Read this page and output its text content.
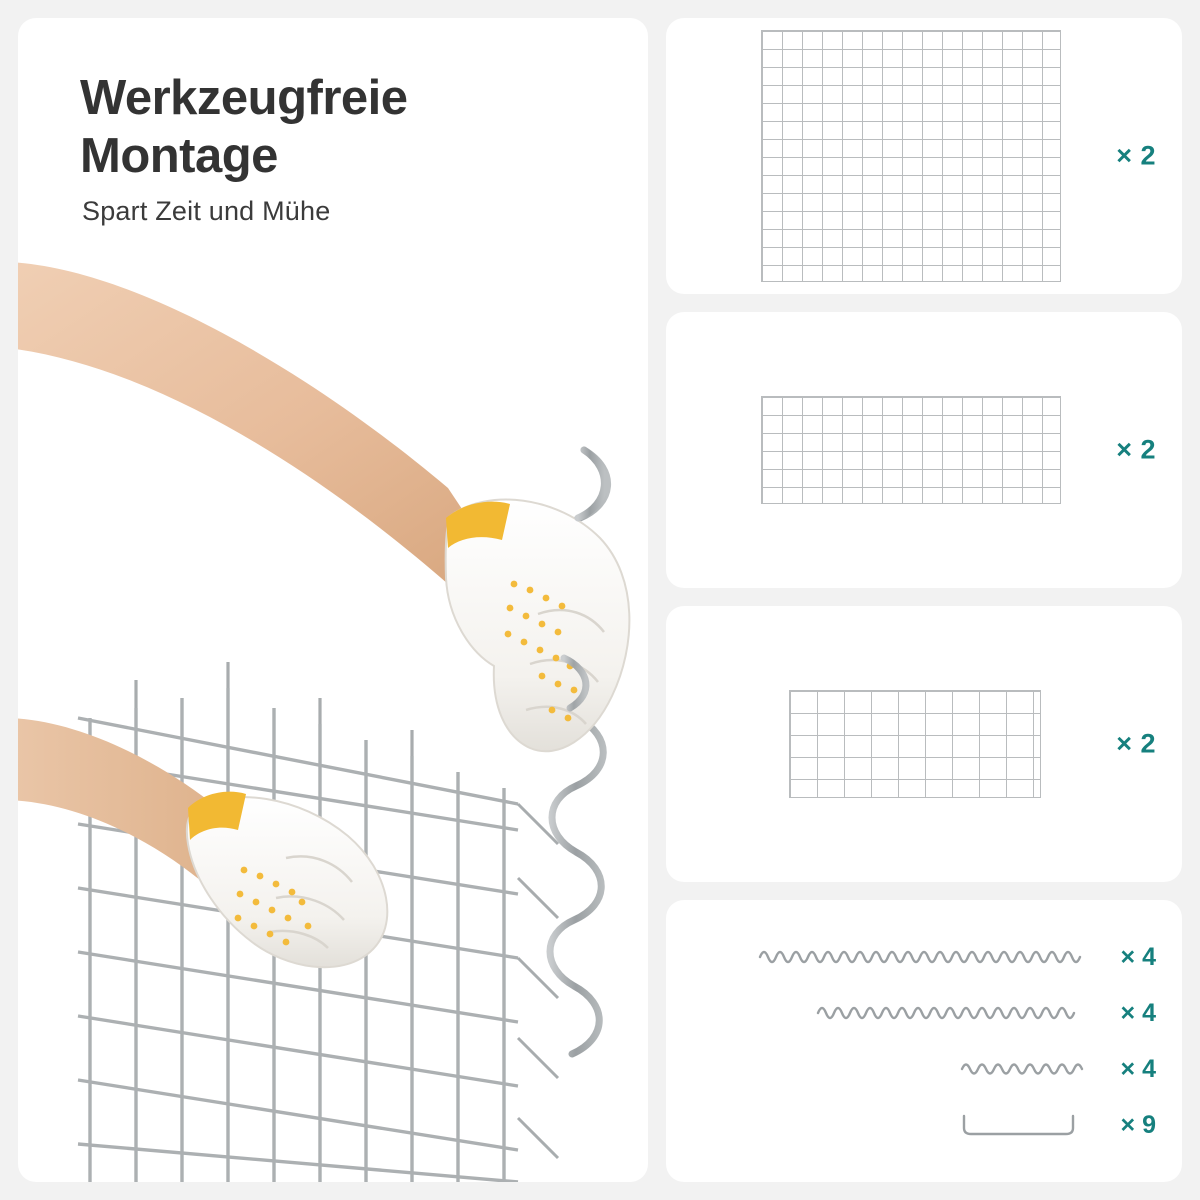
Werkzeugfreie Montage
Spart Zeit und Mühe
× 2
× 2
× 2
× 4
× 4
× 4
× 9
